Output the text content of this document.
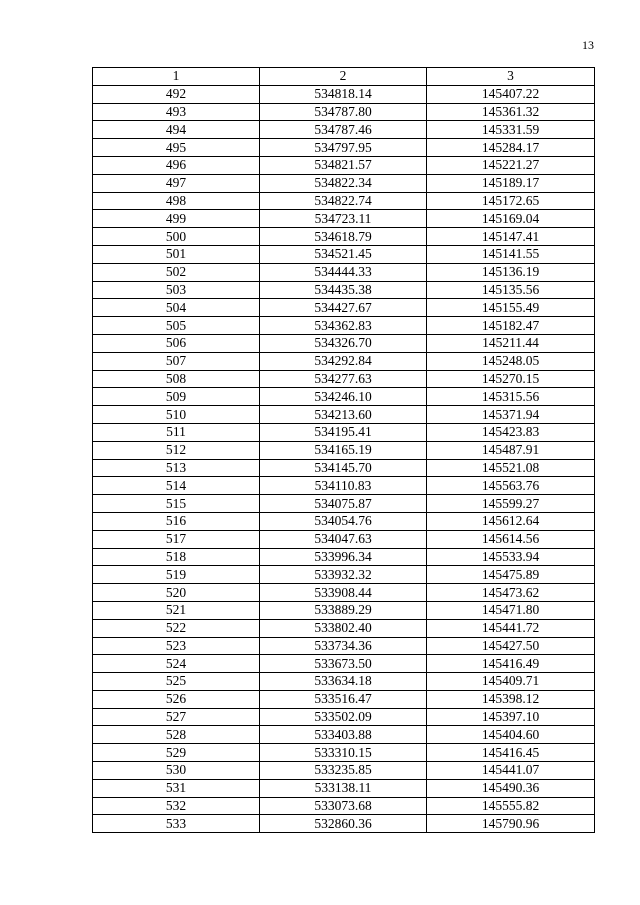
13
1	2	3
492	534818.14	145407.22
493	534787.80	145361.32
494	534787.46	145331.59
495	534797.95	145284.17
496	534821.57	145221.27
497	534822.34	145189.17
498	534822.74	145172.65
499	534723.11	145169.04
500	534618.79	145147.41
501	534521.45	145141.55
502	534444.33	145136.19
503	534435.38	145135.56
504	534427.67	145155.49
505	534362.83	145182.47
506	534326.70	145211.44
507	534292.84	145248.05
508	534277.63	145270.15
509	534246.10	145315.56
510	534213.60	145371.94
511	534195.41	145423.83
512	534165.19	145487.91
513	534145.70	145521.08
514	534110.83	145563.76
515	534075.87	145599.27
516	534054.76	145612.64
517	534047.63	145614.56
518	533996.34	145533.94
519	533932.32	145475.89
520	533908.44	145473.62
521	533889.29	145471.80
522	533802.40	145441.72
523	533734.36	145427.50
524	533673.50	145416.49
525	533634.18	145409.71
526	533516.47	145398.12
527	533502.09	145397.10
528	533403.88	145404.60
529	533310.15	145416.45
530	533235.85	145441.07
531	533138.11	145490.36
532	533073.68	145555.82
533	532860.36	145790.96
